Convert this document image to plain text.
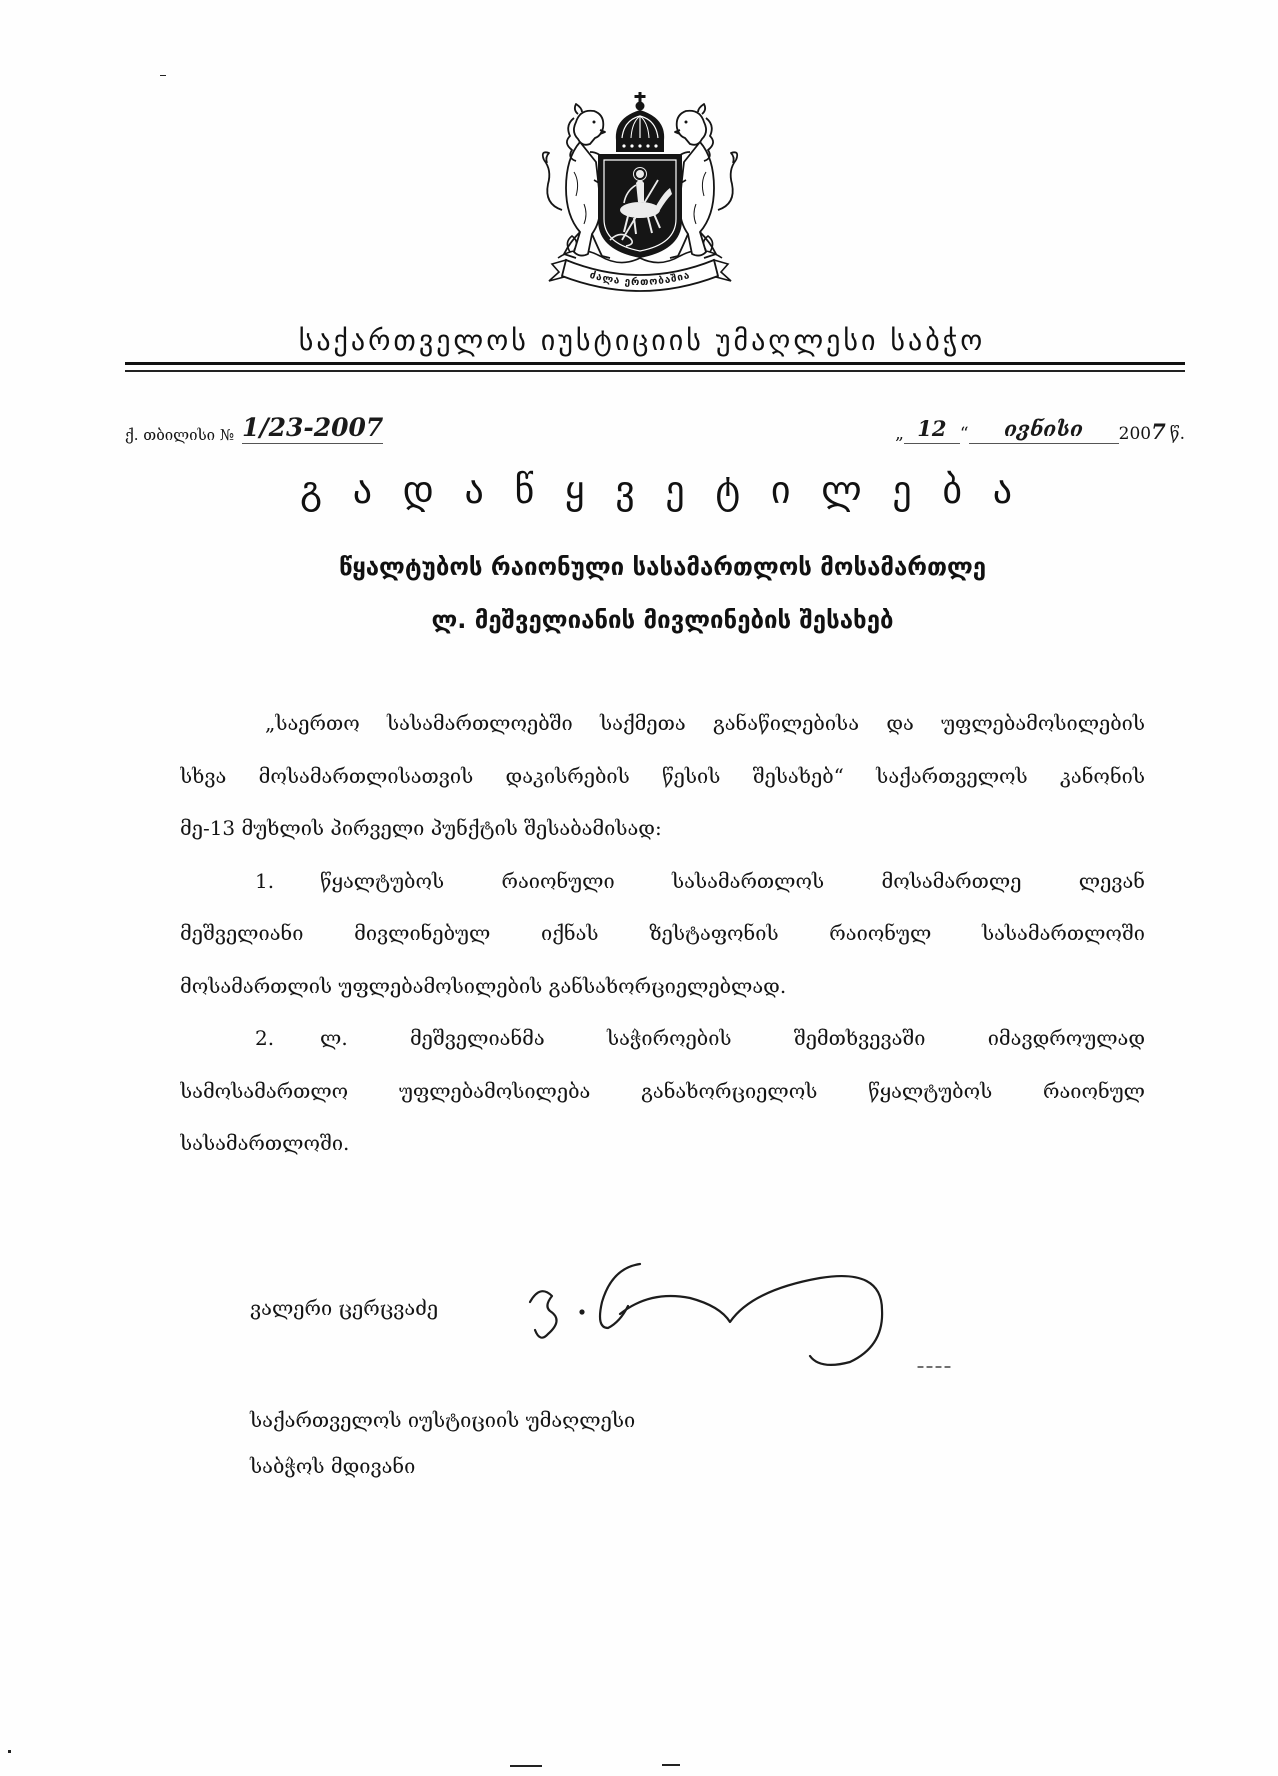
ძალა ერთობაშია
საქართველოს იუსტიციის უმაღლესი საბჭო
ქ. თბილისი № 1/23-2007	„ 12 “	ივნისი	200 7 წ.
გ ა დ ა წ ყ ვ ე ტ ი ლ ე ბ ა
წყალტუბოს რაიონული სასამართლოს მოსამართლე
ლ. მეშველიანის მივლინების შესახებ
„საერთო სასამართლოებში საქმეთა განაწილებისა და უფლებამოსილების
სხვა მოსამართლისათვის დაკისრების წესის შესახებ“ საქართველოს კანონის
მე-13 მუხლის პირველი პუნქტის შესაბამისად:
1.	წყალტუბოს რაიონული სასამართლოს მოსამართლე ლევან
მეშველიანი მივლინებულ იქნას ზესტაფონის რაიონულ სასამართლოში
მოსამართლის უფლებამოსილების განსახორციელებლად.
2.	ლ. მეშველიანმა საჭიროების შემთხვევაში იმავდროულად
სამოსამართლო უფლებამოსილება განახორციელოს წყალტუბოს რაიონულ
სასამართლოში.
ვალერი ცერცვაძე
საქართველოს იუსტიციის უმაღლესი
საბჭოს მდივანი
